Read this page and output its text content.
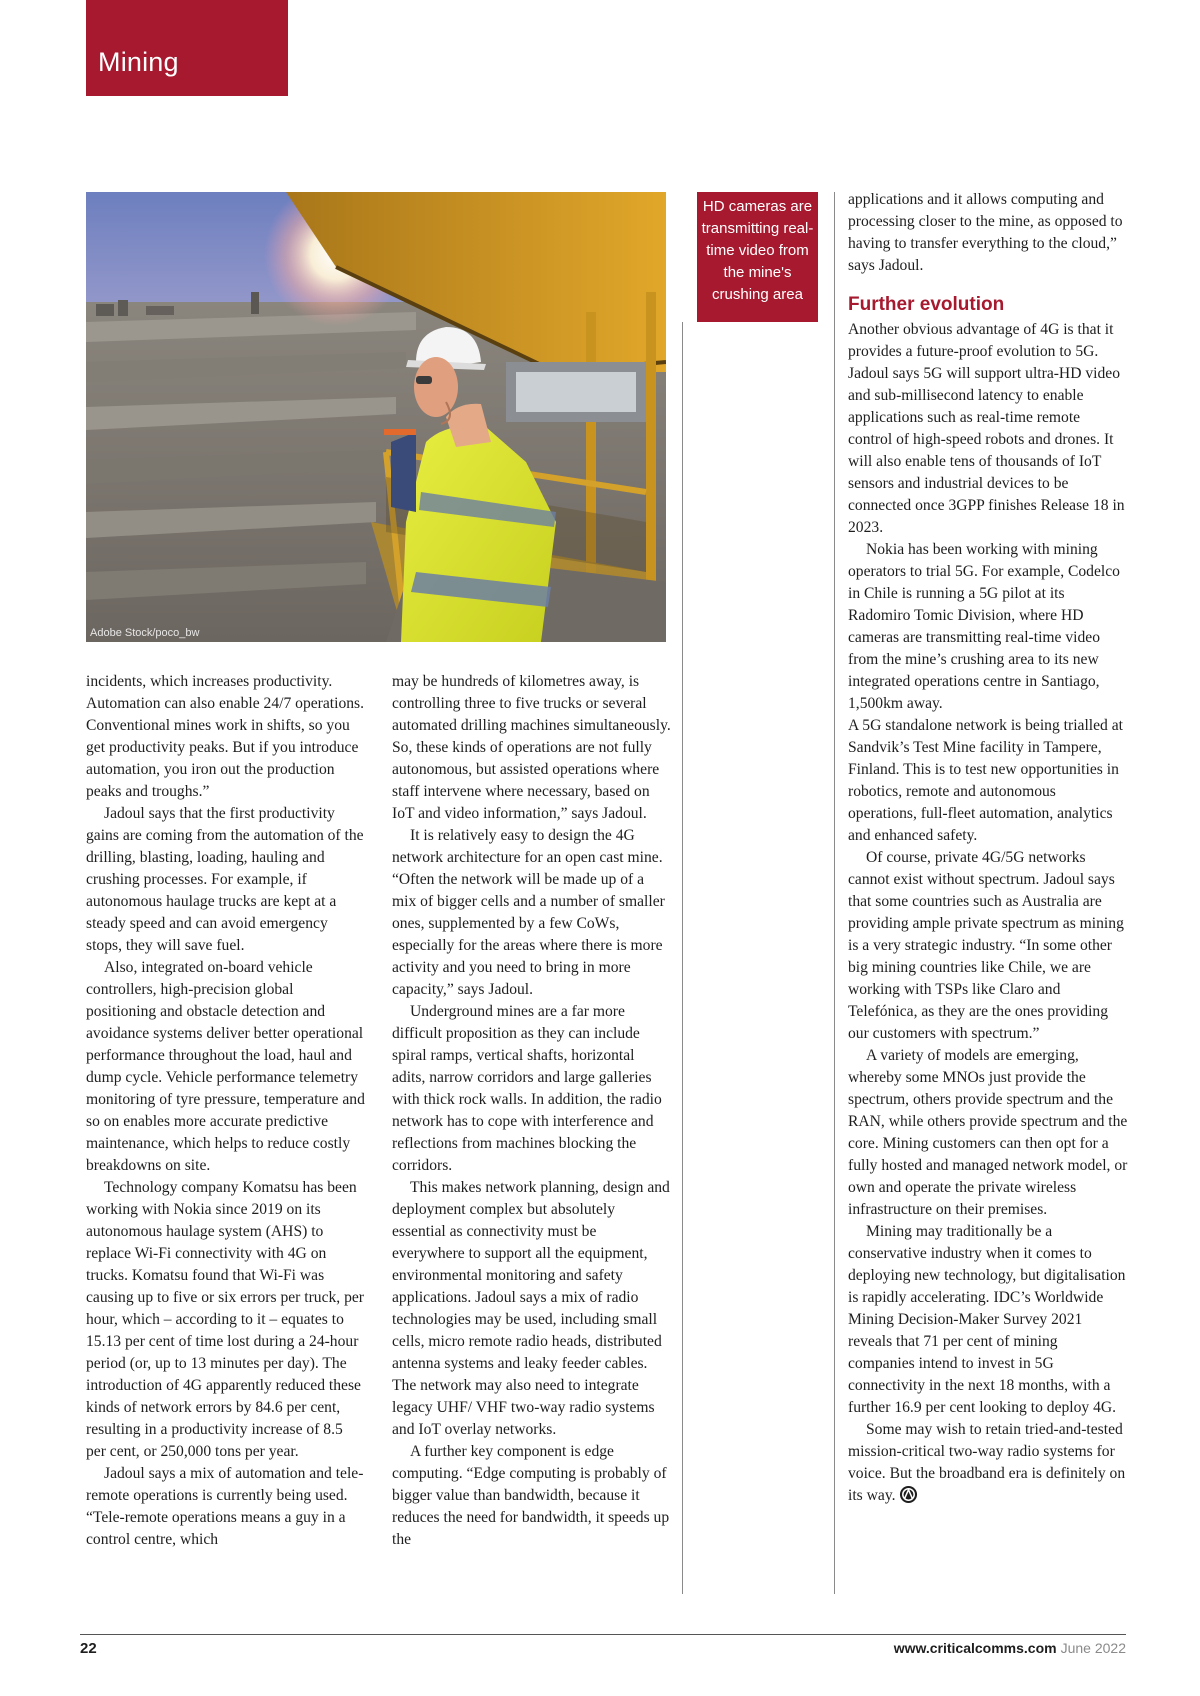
Mining
Adobe Stock/poco_bw
HD cameras are transmitting real-time video from the mine's crushing area

incidents, which increases productivity. Automation can also enable 24/7 operations. Conventional mines work in shifts, so you get productivity peaks. But if you introduce automation, you iron out the production peaks and troughs.”

Jadoul says that the first productivity gains are coming from the automation of the drilling, blasting, loading, hauling and crushing processes. For example, if autonomous haulage trucks are kept at a steady speed and can avoid emergency stops, they will save fuel.

Also, integrated on-board vehicle controllers, high-precision global positioning and obstacle detection and avoidance systems deliver better operational performance throughout the load, haul and dump cycle. Vehicle performance telemetry monitoring of tyre pressure, temperature and so on enables more accurate predictive maintenance, which helps to reduce costly breakdowns on site.

Technology company Komatsu has been working with Nokia since 2019 on its autonomous haulage system (AHS) to replace Wi-Fi connectivity with 4G on trucks. Komatsu found that Wi-Fi was causing up to five or six errors per truck, per hour, which – according to it – equates to 15.13 per cent of time lost during a 24-hour period (or, up to 13 minutes per day). The introduction of 4G apparently reduced these kinds of network errors by 84.6 per cent, resulting in a productivity increase of 8.5 per cent, or 250,000 tons per year.

Jadoul says a mix of automation and tele-remote operations is currently being used. “Tele-remote operations means a guy in a control centre, which

may be hundreds of kilometres away, is controlling three to five trucks or several automated drilling machines simultaneously. So, these kinds of operations are not fully autonomous, but assisted operations where staff intervene where necessary, based on IoT and video information,” says Jadoul.

It is relatively easy to design the 4G network architecture for an open cast mine. “Often the network will be made up of a mix of bigger cells and a number of smaller ones, supplemented by a few CoWs, especially for the areas where there is more activity and you need to bring in more capacity,” says Jadoul.

Underground mines are a far more difficult proposition as they can include spiral ramps, vertical shafts, horizontal adits, narrow corridors and large galleries with thick rock walls. In addition, the radio network has to cope with interference and reflections from machines blocking the corridors.

This makes network planning, design and deployment complex but absolutely essential as connectivity must be everywhere to support all the equipment, environmental monitoring and safety applications. Jadoul says a mix of radio technologies may be used, including small cells, micro remote radio heads, distributed antenna systems and leaky feeder cables. The network may also need to integrate legacy UHF/ VHF two-way radio systems and IoT overlay networks.

A further key component is edge computing. “Edge computing is probably of bigger value than bandwidth, because it reduces the need for bandwidth, it speeds up the

applications and it allows computing and processing closer to the mine, as opposed to having to transfer everything to the cloud,” says Jadoul.

Further evolution

Another obvious advantage of 4G is that it provides a future-proof evolution to 5G. Jadoul says 5G will support ultra-HD video and sub-millisecond latency to enable applications such as real-time remote control of high-speed robots and drones. It will also enable tens of thousands of IoT sensors and industrial devices to be connected once 3GPP finishes Release 18 in 2023.

Nokia has been working with mining operators to trial 5G. For example, Codelco in Chile is running a 5G pilot at its Radomiro Tomic Division, where HD cameras are transmitting real-time video from the mine’s crushing area to its new integrated operations centre in Santiago, 1,500km away.

A 5G standalone network is being trialled at Sandvik’s Test Mine facility in Tampere, Finland. This is to test new opportunities in robotics, remote and autonomous operations, full-fleet automation, analytics and enhanced safety.

Of course, private 4G/5G networks cannot exist without spectrum. Jadoul says that some countries such as Australia are providing ample private spectrum as mining is a very strategic industry. “In some other big mining countries like Chile, we are working with TSPs like Claro and Telefónica, as they are the ones providing our customers with spectrum.”

A variety of models are emerging, whereby some MNOs just provide the spectrum, others provide spectrum and the RAN, while others provide spectrum and the core. Mining customers can then opt for a fully hosted and managed network model, or own and operate the private wireless infrastructure on their premises.

Mining may traditionally be a conservative industry when it comes to deploying new technology, but digitalisation is rapidly accelerating. IDC’s Worldwide Mining Decision-Maker Survey 2021 reveals that 71 per cent of mining companies intend to invest in 5G connectivity in the next 18 months, with a further 16.9 per cent looking to deploy 4G.

Some may wish to retain tried-and-tested mission-critical two-way radio systems for voice. But the broadband era is definitely on its way.

22	www.criticalcomms.com June 2022
